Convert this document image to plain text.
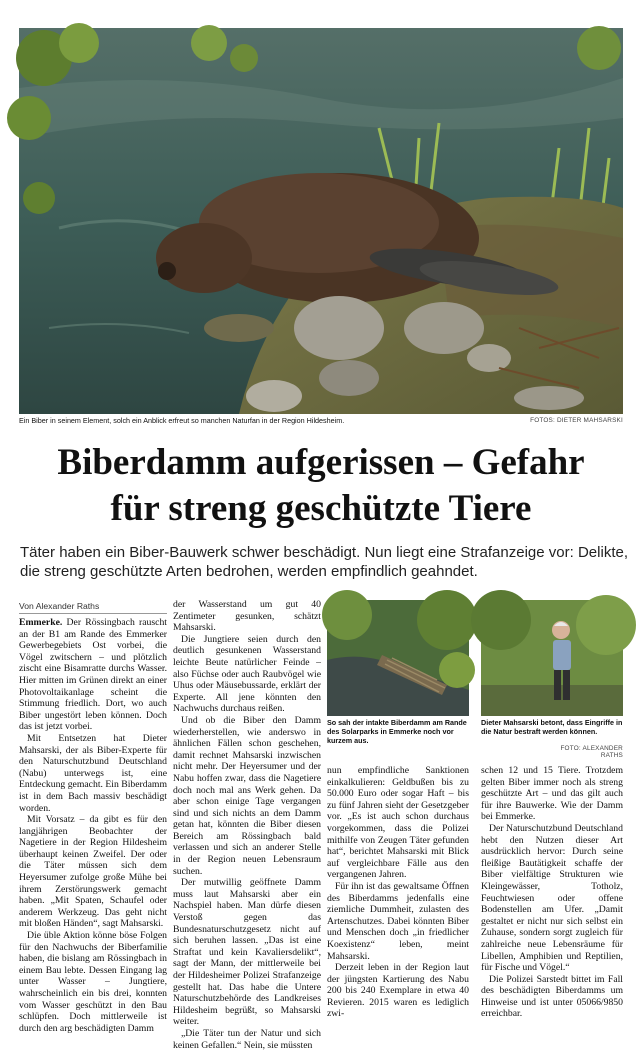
Ein Biber in seinem Element, solch ein Anblick erfreut so manchen Naturfan in der Region Hildesheim.	FOTOS: DIETER MAHSARSKI
Biberdamm aufgerissen – Gefahr
für streng geschützte Tiere
Täter haben ein Biber-Bauwerk schwer beschädigt. Nun liegt eine Strafanzeige vor: Delikte, die streng geschützte Arten bedrohen, werden empfindlich geahndet.
Von Alexander Raths

Emmerke. Der Rössingbach rauscht an der B1 am Rande des Emmerker Gewerbegebiets Ost vorbei, die Vögel zwitschern – und plötzlich zischt eine Bisamratte durchs Wasser. Hier mitten im Grünen direkt an einer Photovoltaikanlage scheint die Stimmung friedlich. Dort, wo auch Biber ungestört leben können. Doch das ist jetzt vorbei.

Mit Entsetzen hat Dieter Mahsarski, der als Biber-Experte für den Naturschutzbund Deutschland (Nabu) unterwegs ist, eine Entdeckung gemacht. Ein Biberdamm ist in dem Bach massiv beschädigt worden.

Mit Vorsatz – da gibt es für den langjährigen Beobachter der Nagetiere in der Region Hildesheim überhaupt keinen Zweifel. Der oder die Täter müssen sich dem Heyersumer zufolge große Mühe bei ihrem Zerstörungswerk gemacht haben. „Mit Spaten, Schaufel oder anderem Werkzeug. Das geht nicht mit bloßen Händen“, sagt Mahsarski.

Die üble Aktion könne böse Folgen für den Nachwuchs der Biberfamilie haben, die bislang am Rössingbach in einem Bau lebte. Dessen Eingang lag unter Wasser – Jungtiere, wahrscheinlich ein bis drei, konnten vom Wasser geschützt in den Bau schlüpfen. Doch mittlerweile ist durch den arg beschädigten Damm

der Wasserstand um gut 40 Zentimeter gesunken, schätzt Mahsarski.

Die Jungtiere seien durch den deutlich gesunkenen Wasserstand leichte Beute natürlicher Feinde – also Füchse oder auch Raubvögel wie Uhus oder Mäusebussarde, erklärt der Experte. All jene könnten den Nachwuchs durchaus reißen.

Und ob die Biber den Damm wiederherstellen, wie anderswo in ähnlichen Fällen schon geschehen, damit rechnet Mahsarski inzwischen nicht mehr. Der Heyersumer und der Nabu hoffen zwar, dass die Nagetiere doch noch mal ans Werk gehen. Da aber schon einige Tage vergangen sind und sich nichts an dem Damm getan hat, könnten die Biber diesen Bereich am Rössingbach bald verlassen und sich an anderer Stelle in der Region neuen Lebensraum suchen.

Der mutwillig geöffnete Damm muss laut Mahsarski aber ein Nachspiel haben. Man dürfe diesen Verstoß gegen das Bundesnaturschutzgesetz nicht auf sich beruhen lassen. „Das ist eine Straftat und kein Kavaliersdelikt“, sagt der Mann, der mittlerweile bei der Hildesheimer Polizei Strafanzeige gestellt hat. Das habe die Untere Naturschutzbehörde des Landkreises Hildesheim begrüßt, so Mahsarski weiter.

„Die Täter tun der Natur und sich keinen Gefallen.“ Nein, sie müssten

So sah der intakte Biberdamm am Rande des Solarparks in Emmerke noch vor kurzem aus.

nun empfindliche Sanktionen einkalkulieren: Geldbußen bis zu 50.000 Euro oder sogar Haft – bis zu fünf Jahren sieht der Gesetzgeber vor. „Es ist auch schon durchaus vorgekommen, dass die Polizei mithilfe von Zeugen Täter gefunden hat“, berichtet Mahsarski mit Blick auf vergleichbare Fälle aus den vergangenen Jahren.

Für ihn ist das gewaltsame Öffnen des Biberdamms jedenfalls eine ziemliche Dummheit, zulasten des Artenschutzes. Dabei könnten Biber und Menschen doch „in friedlicher Koexistenz“ leben, meint Mahsarski.

Derzeit leben in der Region laut der jüngsten Kartierung des Nabu 200 bis 240 Exemplare in etwa 40 Revieren. 2015 waren es lediglich zwi-

Dieter Mahsarski betont, dass Eingriffe in die Natur bestraft werden können.
FOTO: ALEXANDER RATHS

schen 12 und 15 Tiere. Trotzdem gelten Biber immer noch als streng geschützte Art – und das gilt auch für ihre Bauwerke. Wie der Damm bei Emmerke.

Der Naturschutzbund Deutschland hebt den Nutzen dieser Art ausdrücklich hervor: Durch seine fleißige Bautätigkeit schaffe der Biber vielfältige Strukturen wie Kleingewässer, Totholz, Feuchtwiesen oder offene Bodenstellen am Ufer. „Damit gestaltet er nicht nur sich selbst ein Zuhause, sondern sorgt zugleich für zahlreiche neue Lebensräume für Libellen, Amphibien und Reptilien, für Fische und Vögel.“

Die Polizei Sarstedt bittet im Fall des beschädigten Biberdamms um Hinweise und ist unter 05066/9850 erreichbar.
